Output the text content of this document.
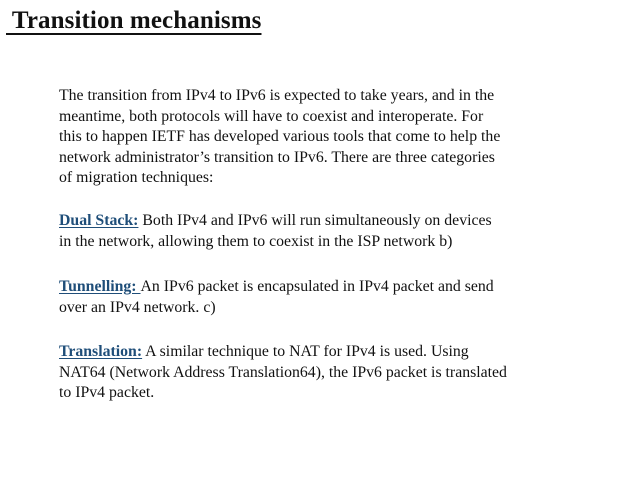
Transition mechanisms
The transition from IPv4 to IPv6 is expected to take years, and in the
meantime, both protocols will have to coexist and interoperate. For
this to happen IETF has developed various tools that come to help the
network administrator’s transition to IPv6. There are three categories
of migration techniques:
Dual Stack: Both IPv4 and IPv6 will run simultaneously on devices
in the network, allowing them to coexist in the ISP network b)
Tunnelling: An IPv6 packet is encapsulated in IPv4 packet and send
over an IPv4 network. c)
Translation: A similar technique to NAT for IPv4 is used. Using
NAT64 (Network Address Translation64), the IPv6 packet is translated
to IPv4 packet.
